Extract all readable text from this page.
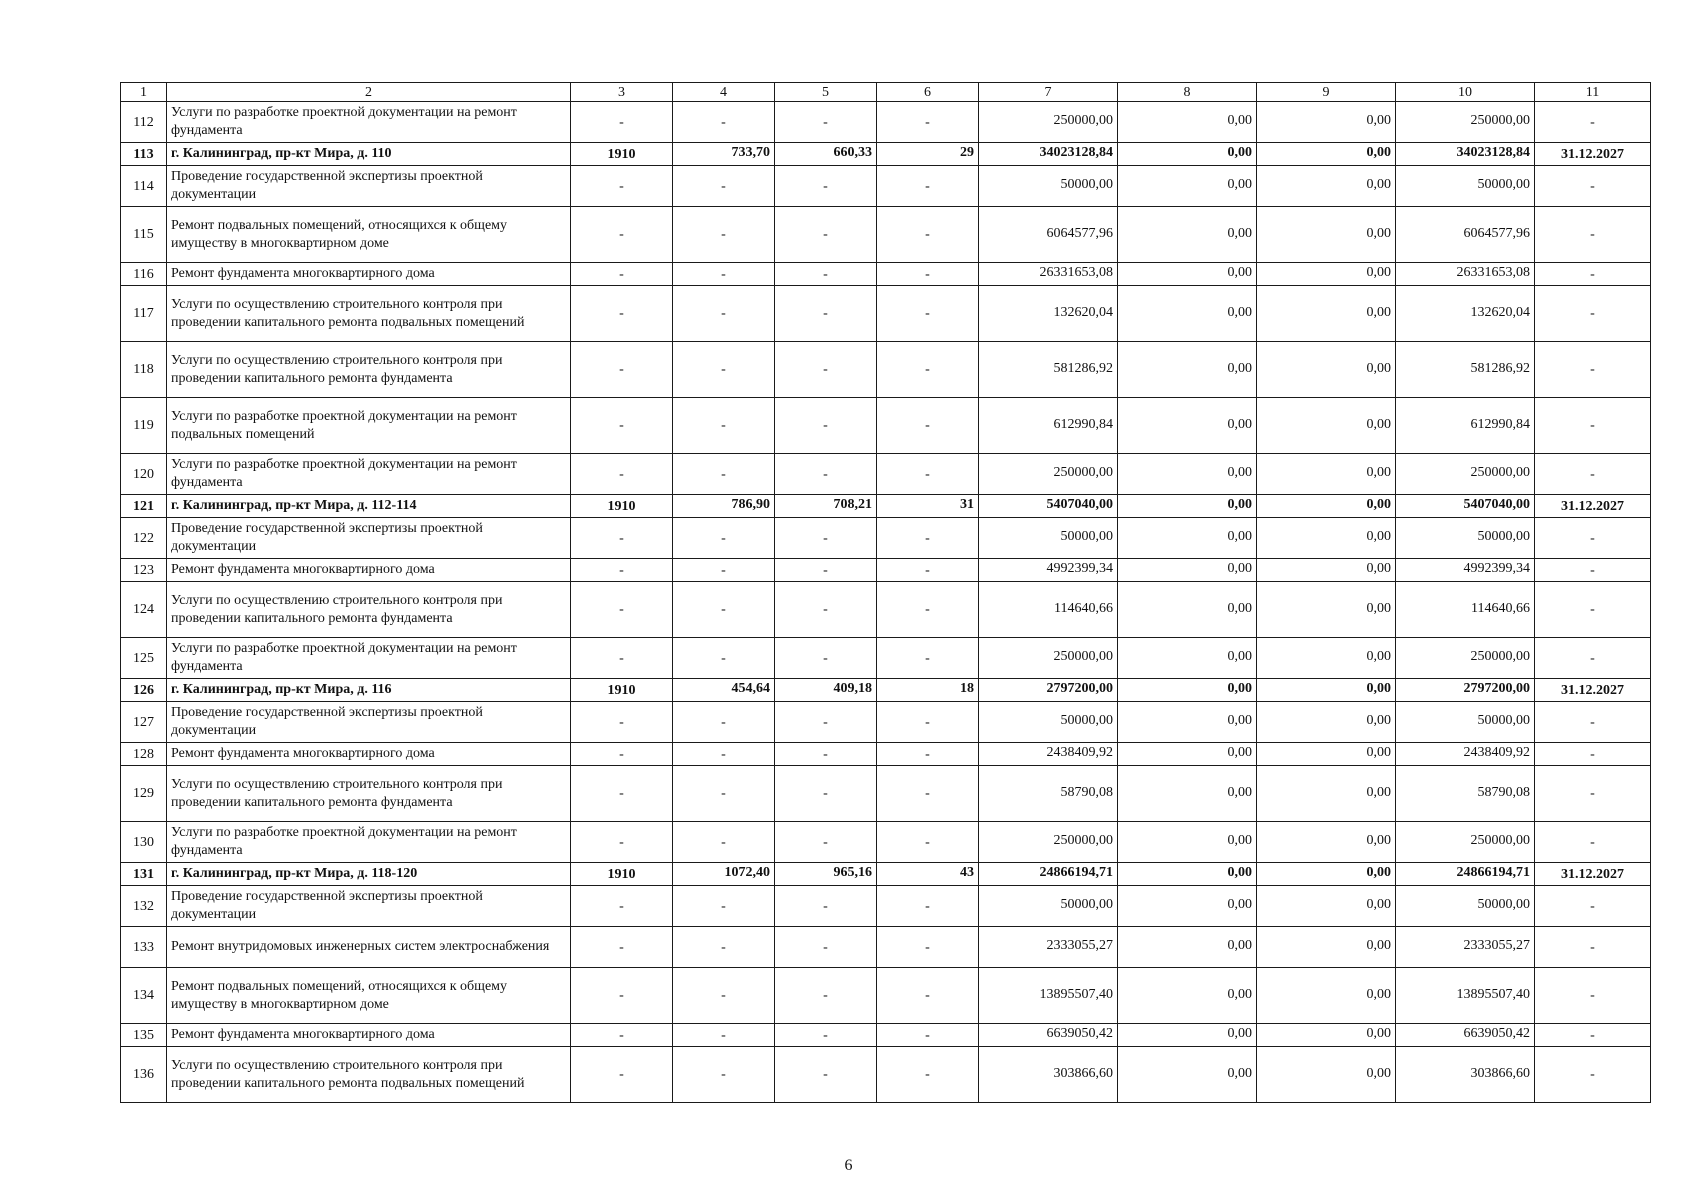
1	2	3	4	5	6	7	8	9	10	11
112	Услуги по разработке проектной документации на ремонт фундамента	-	-	-	-	250000,00	0,00	0,00	250000,00	-
113	г. Калининград, пр-кт Мира, д. 110	1910	733,70	660,33	29	34023128,84	0,00	0,00	34023128,84	31.12.2027
114	Проведение государственной экспертизы проектной документации	-	-	-	-	50000,00	0,00	0,00	50000,00	-
115	Ремонт подвальных помещений, относящихся к общему имуществу в многоквартирном доме	-	-	-	-	6064577,96	0,00	0,00	6064577,96	-
116	Ремонт фундамента многоквартирного дома	-	-	-	-	26331653,08	0,00	0,00	26331653,08	-
117	Услуги по осуществлению строительного контроля при проведении капитального ремонта подвальных помещений	-	-	-	-	132620,04	0,00	0,00	132620,04	-
118	Услуги по осуществлению строительного контроля при проведении капитального ремонта фундамента	-	-	-	-	581286,92	0,00	0,00	581286,92	-
119	Услуги по разработке проектной документации на ремонт подвальных помещений	-	-	-	-	612990,84	0,00	0,00	612990,84	-
120	Услуги по разработке проектной документации на ремонт фундамента	-	-	-	-	250000,00	0,00	0,00	250000,00	-
121	г. Калининград, пр-кт Мира, д. 112-114	1910	786,90	708,21	31	5407040,00	0,00	0,00	5407040,00	31.12.2027
122	Проведение государственной экспертизы проектной документации	-	-	-	-	50000,00	0,00	0,00	50000,00	-
123	Ремонт фундамента многоквартирного дома	-	-	-	-	4992399,34	0,00	0,00	4992399,34	-
124	Услуги по осуществлению строительного контроля при проведении капитального ремонта фундамента	-	-	-	-	114640,66	0,00	0,00	114640,66	-
125	Услуги по разработке проектной документации на ремонт фундамента	-	-	-	-	250000,00	0,00	0,00	250000,00	-
126	г. Калининград, пр-кт Мира, д. 116	1910	454,64	409,18	18	2797200,00	0,00	0,00	2797200,00	31.12.2027
127	Проведение государственной экспертизы проектной документации	-	-	-	-	50000,00	0,00	0,00	50000,00	-
128	Ремонт фундамента многоквартирного дома	-	-	-	-	2438409,92	0,00	0,00	2438409,92	-
129	Услуги по осуществлению строительного контроля при проведении капитального ремонта фундамента	-	-	-	-	58790,08	0,00	0,00	58790,08	-
130	Услуги по разработке проектной документации на ремонт фундамента	-	-	-	-	250000,00	0,00	0,00	250000,00	-
131	г. Калининград, пр-кт Мира, д. 118-120	1910	1072,40	965,16	43	24866194,71	0,00	0,00	24866194,71	31.12.2027
132	Проведение государственной экспертизы проектной документации	-	-	-	-	50000,00	0,00	0,00	50000,00	-
133	Ремонт внутридомовых инженерных систем электроснабжения	-	-	-	-	2333055,27	0,00	0,00	2333055,27	-
134	Ремонт подвальных помещений, относящихся к общему имуществу в многоквартирном доме	-	-	-	-	13895507,40	0,00	0,00	13895507,40	-
135	Ремонт фундамента многоквартирного дома	-	-	-	-	6639050,42	0,00	0,00	6639050,42	-
136	Услуги по осуществлению строительного контроля при проведении капитального ремонта подвальных помещений	-	-	-	-	303866,60	0,00	0,00	303866,60	-
6
